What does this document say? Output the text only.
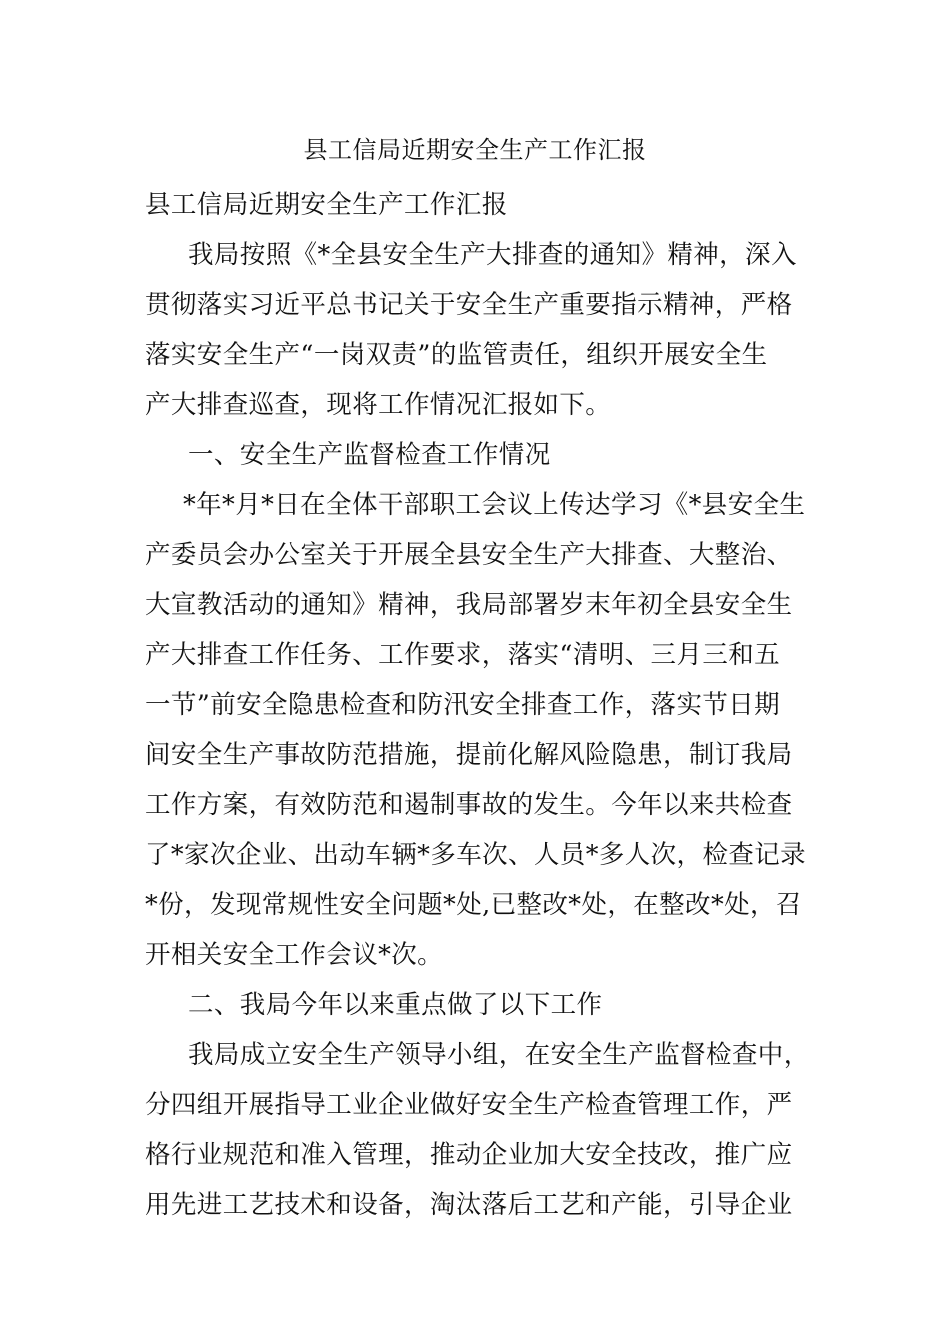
县工信局近期安全生产工作汇报
县工信局近期安全生产工作汇报
我局按照《*全县安全生产大排查的通知》精神，深入
贯彻落实习近平总书记关于安全生产重要指示精神，严格
落实安全生产“一岗双责”的监管责任，组织开展安全生
产大排查巡查，现将工作情况汇报如下。
一、安全生产监督检查工作情况
*年*月*日在全体干部职工会议上传达学习《*县安全生
产委员会办公室关于开展全县安全生产大排查、大整治、
大宣教活动的通知》精神，我局部署岁末年初全县安全生
产大排查工作任务、工作要求，落实“清明、三月三和五
一节”前安全隐患检查和防汛安全排查工作，落实节日期
间安全生产事故防范措施，提前化解风险隐患，制订我局
工作方案，有效防范和遏制事故的发生。今年以来共检查
了*家次企业、出动车辆*多车次、人员*多人次，检查记录
*份，发现常规性安全问题*处,已整改*处，在整改*处，召
开相关安全工作会议*次。
二、我局今年以来重点做了以下工作
我局成立安全生产领导小组，在安全生产监督检查中，
分四组开展指导工业企业做好安全生产检查管理工作，严
格行业规范和准入管理，推动企业加大安全技改，推广应
用先进工艺技术和设备，淘汰落后工艺和产能，引导企业
